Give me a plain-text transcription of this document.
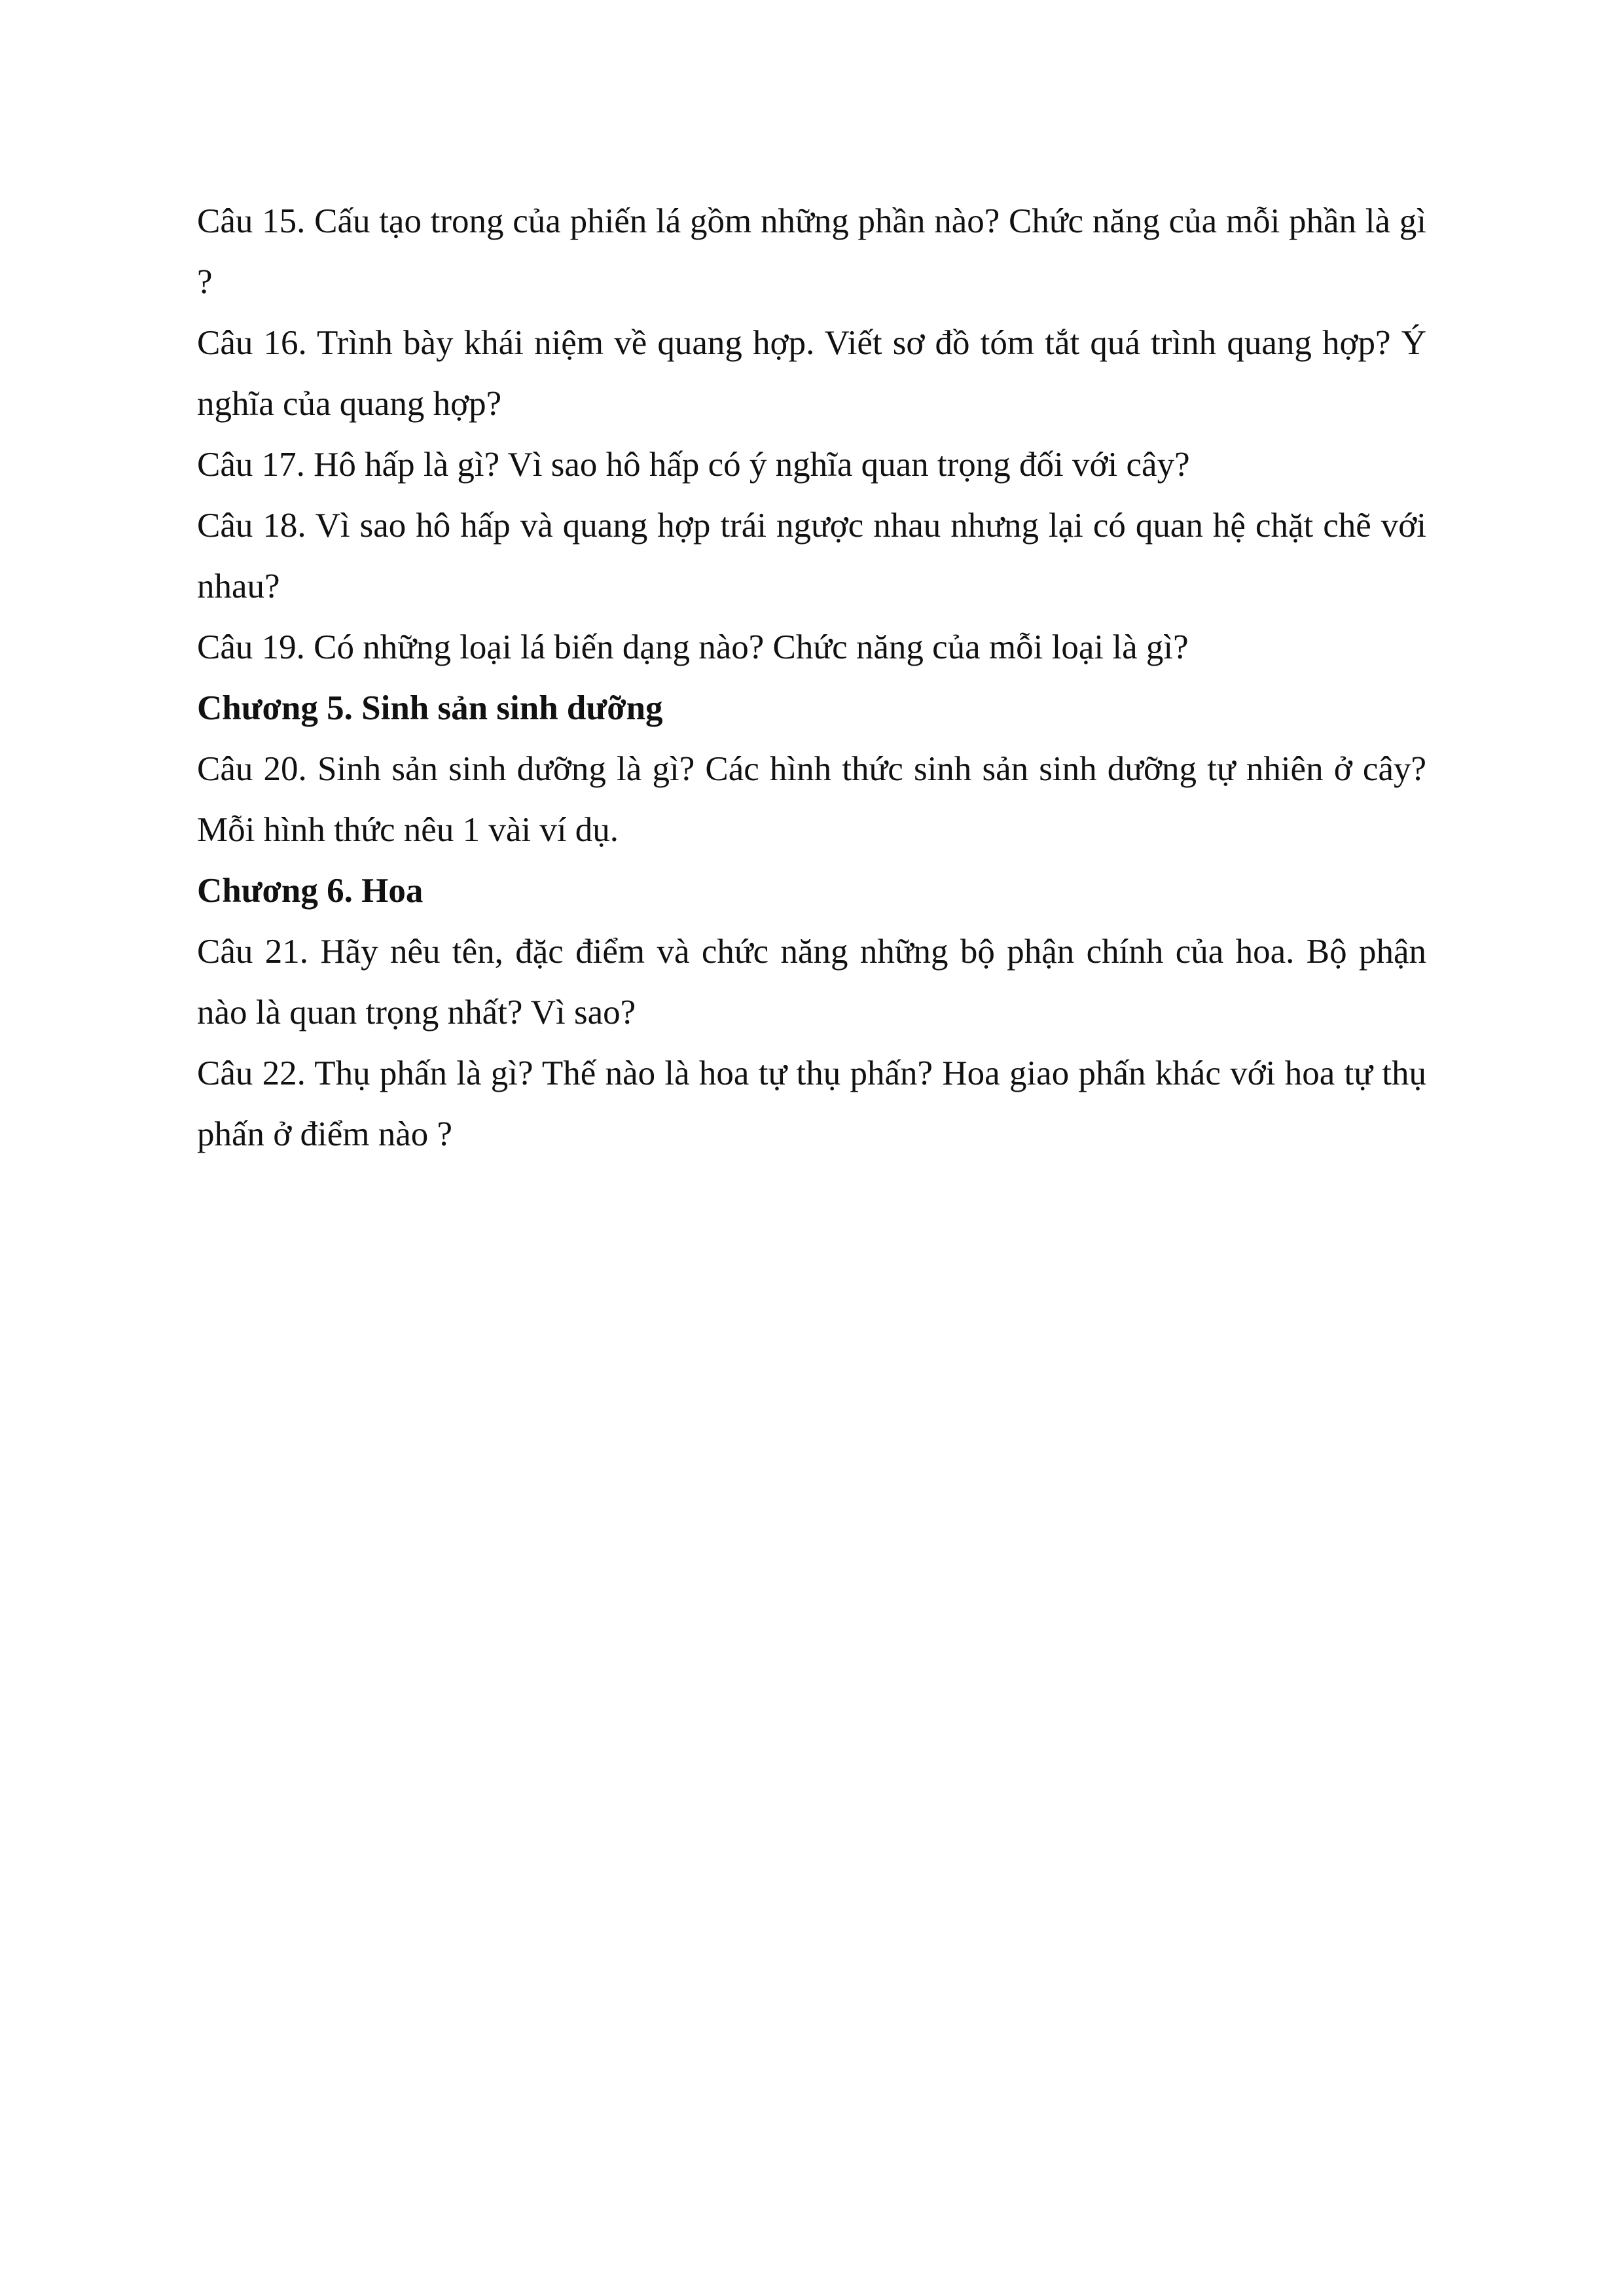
Câu 15. Cấu tạo trong của phiến lá gồm những phần nào? Chức năng của mỗi phần là gì ?

Câu 16. Trình bày khái niệm về quang hợp. Viết sơ đồ tóm tắt quá trình quang hợp? Ý nghĩa của quang hợp?

Câu 17. Hô hấp là gì? Vì sao hô hấp có ý nghĩa quan trọng đối với cây?

Câu 18. Vì sao hô hấp và quang hợp trái ngược nhau nhưng lại có quan hệ chặt chẽ với nhau?

Câu 19. Có những loại lá biến dạng nào? Chức năng của mỗi loại là gì?

Chương 5. Sinh sản sinh dưỡng

Câu 20. Sinh sản sinh dưỡng là gì? Các hình thức sinh sản sinh dưỡng tự nhiên ở cây? Mỗi hình thức nêu 1 vài ví dụ.

Chương 6. Hoa

Câu 21. Hãy nêu tên, đặc điểm và chức năng những bộ phận chính của hoa. Bộ phận nào là quan trọng nhất? Vì sao?

Câu 22. Thụ phấn là gì? Thế nào là hoa tự thụ phấn? Hoa giao phấn khác với hoa tự thụ phấn ở điểm nào ?
